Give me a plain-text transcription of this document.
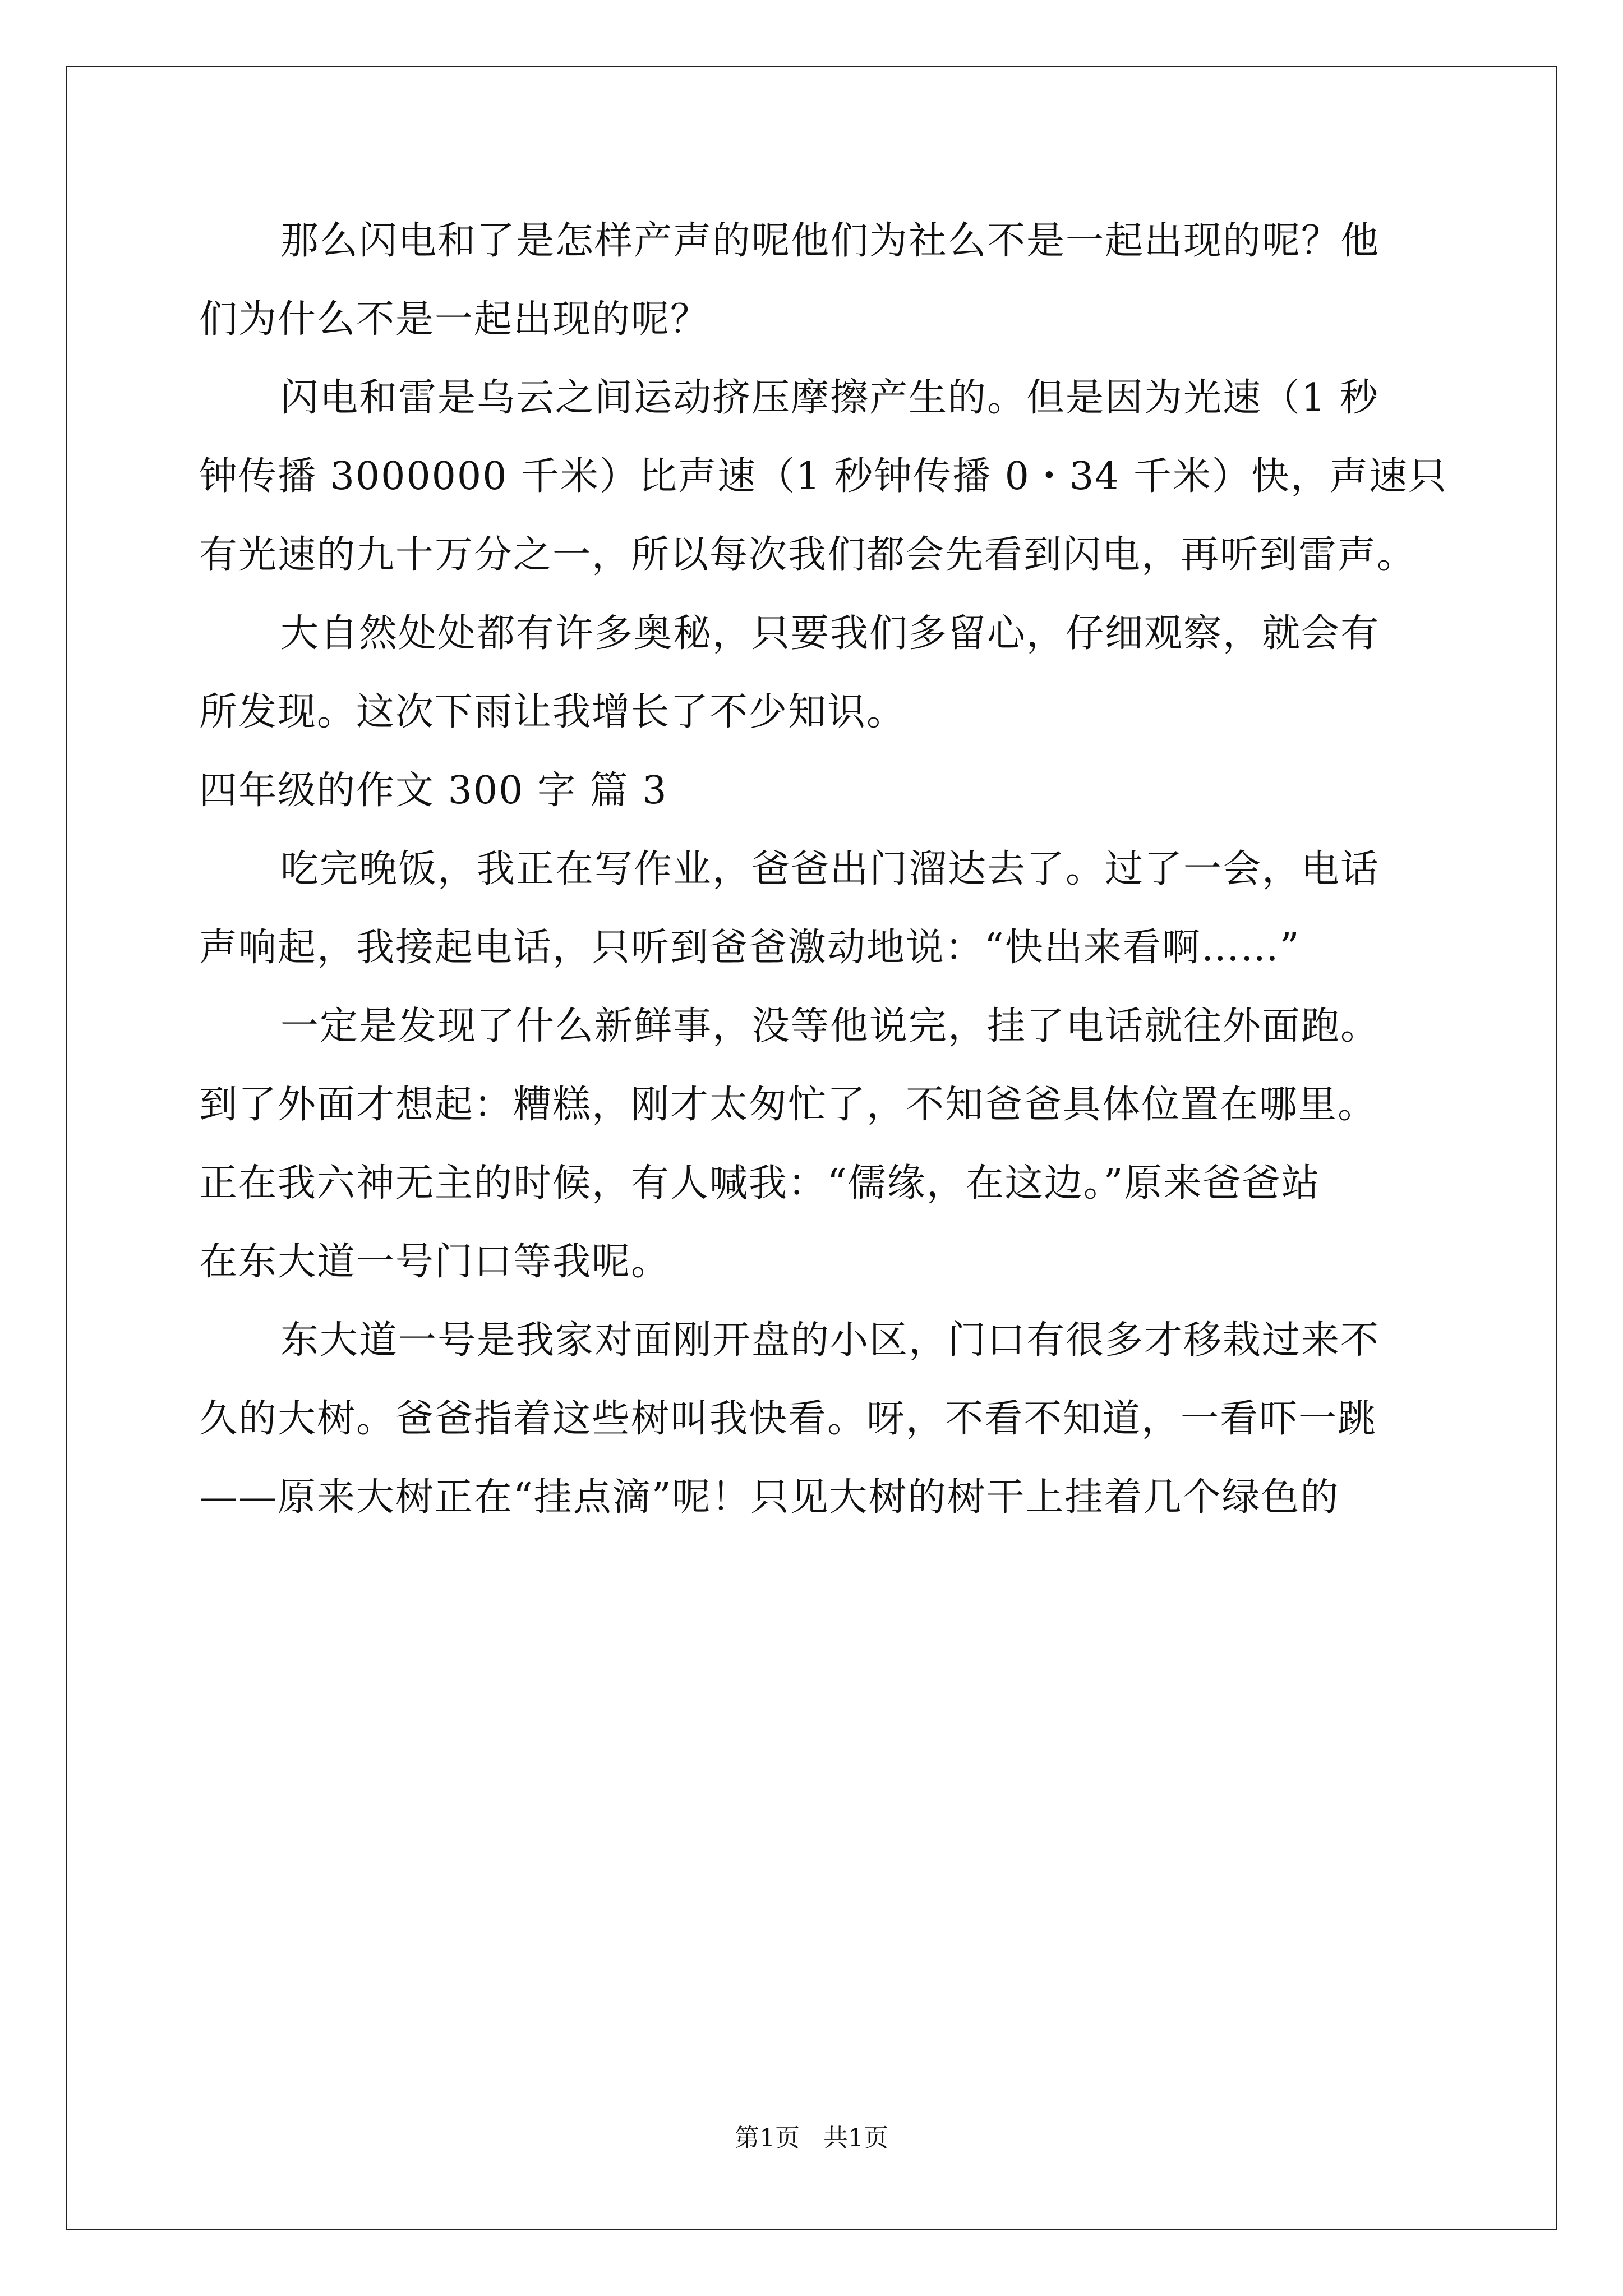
那么闪电和了是怎样产声的呢他们为社么不是一起出现的呢？他
们为什么不是一起出现的呢？
闪电和雷是乌云之间运动挤压摩擦产生的。但是因为光速（1 秒
钟传播 3000000 千米）比声速（1 秒钟传播 0・34 千米）快，声速只
有光速的九十万分之一，所以每次我们都会先看到闪电，再听到雷声。
大自然处处都有许多奥秘，只要我们多留心，仔细观察，就会有
所发现。这次下雨让我增长了不少知识。
四年级的作文 300 字 篇 3
吃完晚饭，我正在写作业，爸爸出门溜达去了。过了一会，电话
声响起，我接起电话，只听到爸爸激动地说：“快出来看啊……”
一定是发现了什么新鲜事，没等他说完，挂了电话就往外面跑。
到了外面才想起：糟糕，刚才太匆忙了，不知爸爸具体位置在哪里。
正在我六神无主的时候，有人喊我：“儒缘，在这边。”原来爸爸站
在东大道一号门口等我呢。
东大道一号是我家对面刚开盘的小区，门口有很多才移栽过来不
久的大树。爸爸指着这些树叫我快看。呀，不看不知道，一看吓一跳
——原来大树正在“挂点滴”呢！只见大树的树干上挂着几个绿色的
第1页   共1页
